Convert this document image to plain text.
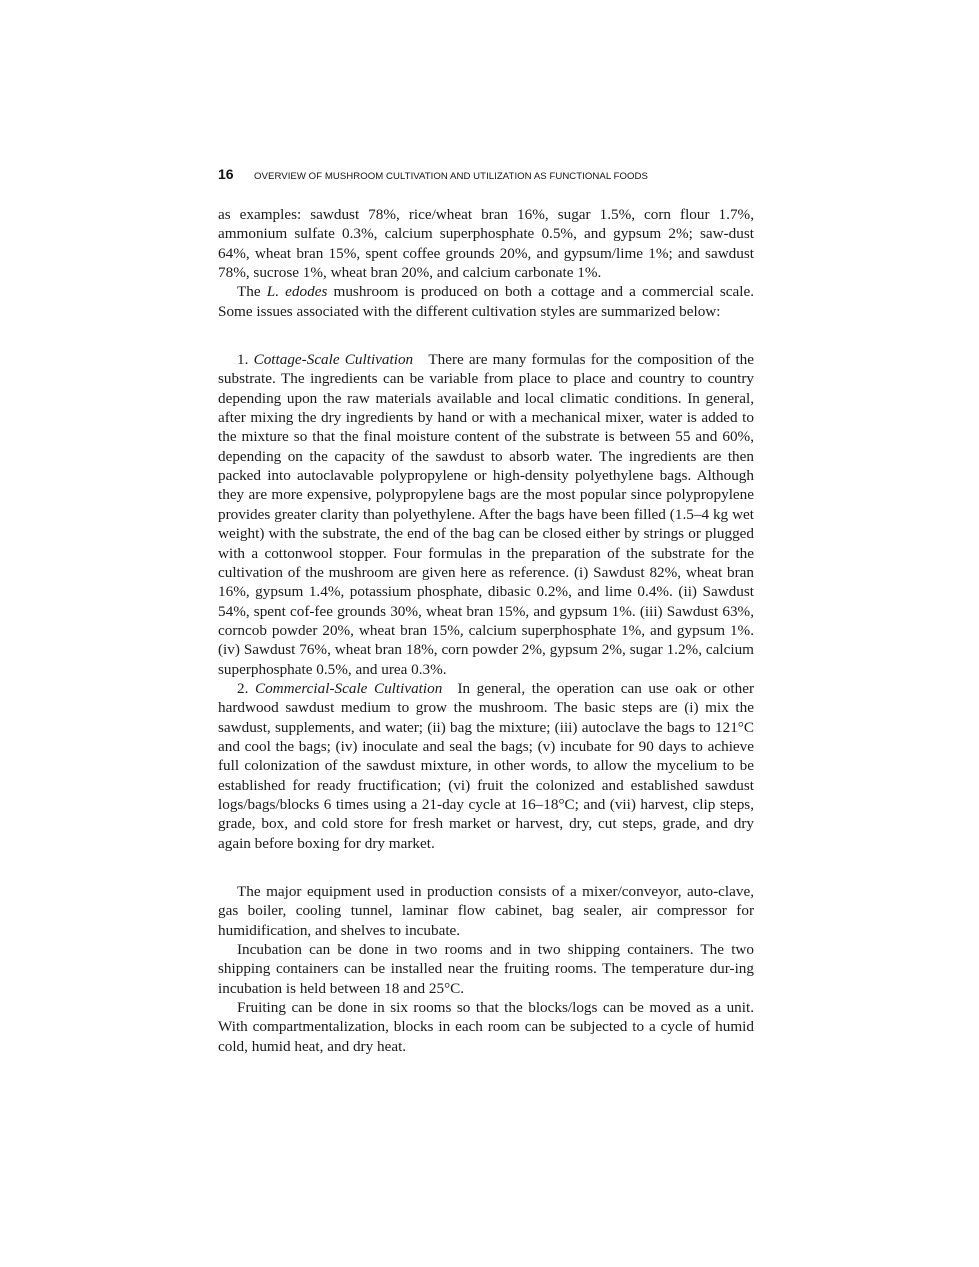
16 OVERVIEW OF MUSHROOM CULTIVATION AND UTILIZATION AS FUNCTIONAL FOODS

as examples: sawdust 78%, rice/wheat bran 16%, sugar 1.5%, corn flour 1.7%, ammonium sulfate 0.3%, calcium superphosphate 0.5%, and gypsum 2%; saw-dust 64%, wheat bran 15%, spent coffee grounds 20%, and gypsum/lime 1%; and sawdust 78%, sucrose 1%, wheat bran 20%, and calcium carbonate 1%.

The L. edodes mushroom is produced on both a cottage and a commercial scale. Some issues associated with the different cultivation styles are summarized below:

1. Cottage-Scale Cultivation  There are many formulas for the composition of the substrate. The ingredients can be variable from place to place and country to country depending upon the raw materials available and local climatic conditions. In general, after mixing the dry ingredients by hand or with a mechanical mixer, water is added to the mixture so that the final moisture content of the substrate is between 55 and 60%, depending on the capacity of the sawdust to absorb water. The ingredients are then packed into autoclavable polypropylene or high-density polyethylene bags. Although they are more expensive, polypropylene bags are the most popular since polypropylene provides greater clarity than polyethylene. After the bags have been filled (1.5–4 kg wet weight) with the substrate, the end of the bag can be closed either by strings or plugged with a cottonwool stopper. Four formulas in the preparation of the substrate for the cultivation of the mushroom are given here as reference. (i) Sawdust 82%, wheat bran 16%, gypsum 1.4%, potassium phosphate, dibasic 0.2%, and lime 0.4%. (ii) Sawdust 54%, spent cof-fee grounds 30%, wheat bran 15%, and gypsum 1%. (iii) Sawdust 63%, corncob powder 20%, wheat bran 15%, calcium superphosphate 1%, and gypsum 1%. (iv) Sawdust 76%, wheat bran 18%, corn powder 2%, gypsum 2%, sugar 1.2%, calcium superphosphate 0.5%, and urea 0.3%.

2. Commercial-Scale Cultivation  In general, the operation can use oak or other hardwood sawdust medium to grow the mushroom. The basic steps are (i) mix the sawdust, supplements, and water; (ii) bag the mixture; (iii) autoclave the bags to 121°C and cool the bags; (iv) inoculate and seal the bags; (v) incubate for 90 days to achieve full colonization of the sawdust mixture, in other words, to allow the mycelium to be established for ready fructification; (vi) fruit the colonized and established sawdust logs/bags/blocks 6 times using a 21-day cycle at 16–18°C; and (vii) harvest, clip steps, grade, box, and cold store for fresh market or harvest, dry, cut steps, grade, and dry again before boxing for dry market.

The major equipment used in production consists of a mixer/conveyor, auto-clave, gas boiler, cooling tunnel, laminar flow cabinet, bag sealer, air compressor for humidification, and shelves to incubate.

Incubation can be done in two rooms and in two shipping containers. The two shipping containers can be installed near the fruiting rooms. The temperature dur-ing incubation is held between 18 and 25°C.

Fruiting can be done in six rooms so that the blocks/logs can be moved as a unit. With compartmentalization, blocks in each room can be subjected to a cycle of humid cold, humid heat, and dry heat.
